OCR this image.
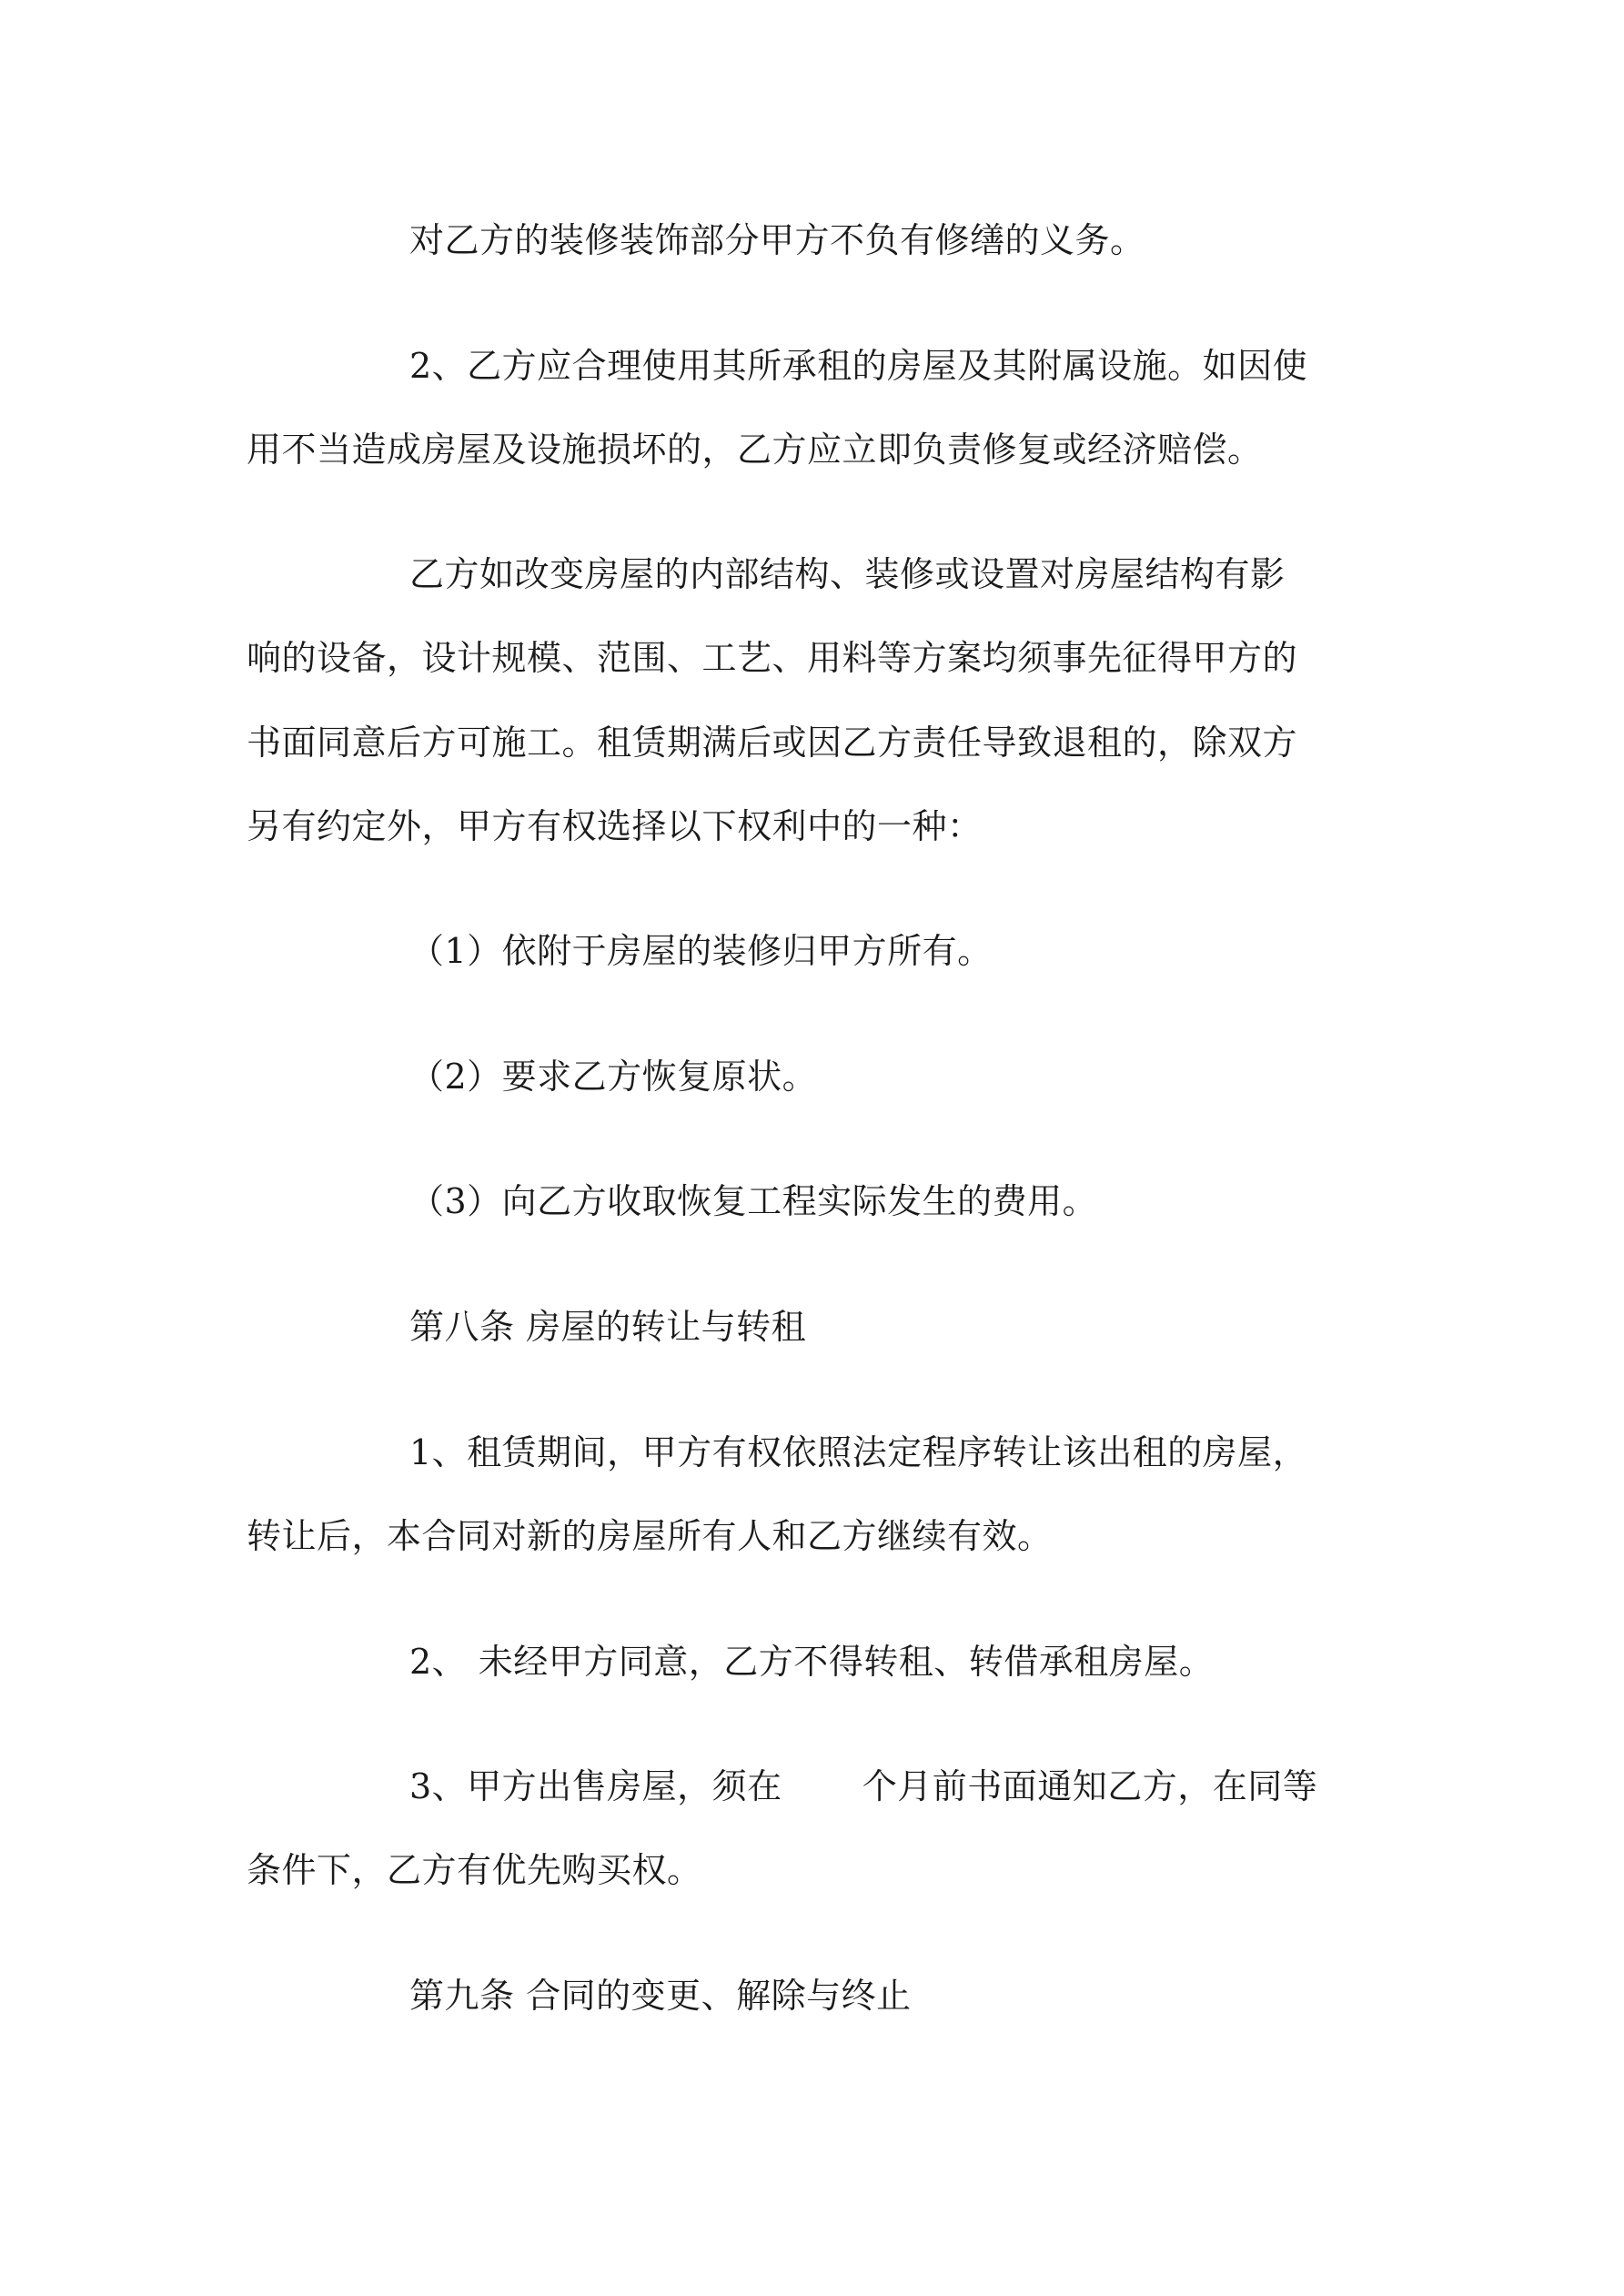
对乙方的装修装饰部分甲方不负有修缮的义务。

2、乙方应合理使用其所承租的房屋及其附属设施。如因使

用不当造成房屋及设施损坏的，乙方应立即负责修复或经济赔偿。

乙方如改变房屋的内部结构、装修或设置对房屋结构有影

响的设备，设计规模、范围、工艺、用料等方案均须事先征得甲方的

书面同意后方可施工。租赁期满后或因乙方责任导致退租的，除双方

另有约定外，甲方有权选择以下权利中的一种：

（1）依附于房屋的装修归甲方所有。

（2）要求乙方恢复原状。

（3）向乙方收取恢复工程实际发生的费用。

第八条 房屋的转让与转租

1、租赁期间，甲方有权依照法定程序转让该出租的房屋，

转让后，本合同对新的房屋所有人和乙方继续有效。

2、 未经甲方同意，乙方不得转租、转借承租房屋。

3、甲方出售房屋，须在 个月前书面通知乙方，在同等

条件下，乙方有优先购买权。

第九条 合同的变更、解除与终止
